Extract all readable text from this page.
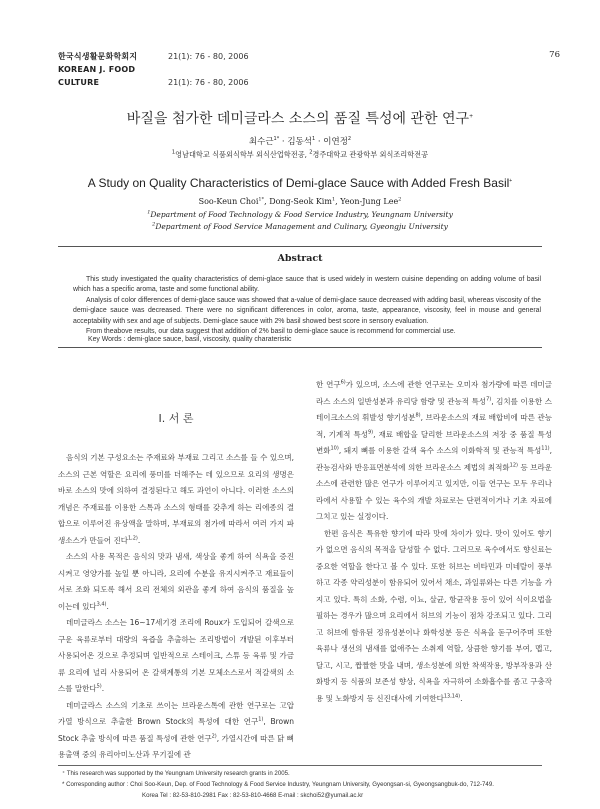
한국식생활문화학회지	21(1): 76 - 80, 2006
KOREAN J. FOOD CULTURE	21(1): 76 - 80, 2006
76
바질을 첨가한 데미글라스 소스의 품질 특성에 관한 연구+
최수근$^{1*}$ · 김동석$^1$ · 이연정$^2$
$^1$영남대학교 식품외식학부 외식산업학전공, $^2$경주대학교 관광학부 외식조리학전공
A Study on Quality Characteristics of Demi-glace Sauce with Added Fresh Basil+
Soo-Keun Choi$^{1*}$, Dong-Seok Kim$^1$, Yeon-Jung Lee$^2$
$^1$Department of Food Technology & Food Service Industry, Yeungnam University
$^2$Department of Food Service Management and Culinary, Gyeongju University
Abstract

This study investigated the quality characteristics of demi-glace sauce that is used widely in western cuisine depending on adding volume of basil which has a specific aroma, taste and some functional ability.

Analysis of color differences of demi-glace sauce was showed that a-value of demi-glace sauce decreased with adding basil, whereas viscosity of the demi-glace sauce was decreased. There were no significant differences in color, aroma, taste, appearance, viscosity, feel in mouse and general acceptability with sex and age of subjects. Demi-glace sauce with 2% basil showed best score in sensory evaluation.

From theabove results, our data suggest that addition of 2% basil to demi-glace sauce is recommend for commercial use.

Key Words : demi-glace sauce, basil, viscosity, quality charateristic
I. 서 론

음식의 기본 구성요소는 주재료와 부재료 그리고 소스를 들 수 있으며, 소스의 근본 역할은 요리에 풍미를 더해주는 데 있으므로 요리의 생명은 바로 소스의 맛에 의하여 결정된다고 해도 과언이 아니다. 이러한 소스의 개념은 주재료를 이용한 스톡과 소스의 형태를 갖추게 하는 리에종의 결합으로 이루어진 유상액을 말하며, 부재료의 첨가에 따라서 여러 가지 파생소스가 만들어 진다$^{1,2)}$.

소스의 사용 목적은 음식의 맛과 냄새, 색상을 좋게 하여 식욕을 증진시켜고 영양가를 높일 뿐 아니라, 요리에 수분을 유지시켜주고 재료들이 서로 조화 되도록 해서 요리 전체의 외관을 좋게 하여 음식의 품질을 높이는데 있다$^{3,4)}$.

데미글라스 소스는 16~17세기경 조리에 Roux가 도입되어 갈색으로 구운 육류로부터 대량의 육즙을 추출하는 조리방법이 개발된 이후부터 사용되어온 것으로 추정되며 일반적으로 스테이크, 스튜 등 육류 및 가금류 요리에 널리 사용되어 온 갈색계통의 기본 모체소스로서 적갈색의 소스를 말한다$^{5)}$.

데미글라스 소스의 기초로 쓰이는 브라운스톡에 관한 연구로는 고압 가열 방식으로 추출한 Brown Stock의 특성에 대한 연구$^{1)}$, Brown Stock 추출 방식에 따른 품질 특성에 관한 연구$^{2)}$, 가열시간에 따른 닭 뼈 용출액 중의 유리아미노산과 무기질에 관

한 연구$^{6)}$가 있으며, 소스에 관한 연구로는 오미자 첨가량에 따른 데미글라스 소스의 일반성분과 유리당 함량 및 관능적 특성$^{7)}$, 김치를 이용한 스테이크소스의 휘발성 향기성분$^{8)}$, 브라운소스의 재료 배합비에 따른 관능적, 기계적 특성$^{9)}$, 재료 배합을 달리한 브라운소스의 저장 중 품질 특성 변화$^{10)}$, 돼지 뼈를 이용한 갈색 육수 소스의 이화학적 및 관능적 특성$^{11)}$, 관능검사와 반응표면분석에 의한 브라운소스 제법의 최적화$^{12)}$ 등 브라운소스에 관련한 많은 연구가 이루어지고 있지만, 이들 연구는 모두 우리나라에서 사용할 수 있는 육수의 개발 차료로는 단편적이거나 기초 자료에 그치고 있는 실정이다.

한편 음식은 특유한 향기에 따라 맛에 차이가 있다. 맛이 있어도 향기가 없으면 음식의 목적을 달성할 수 없다. 그러므로 육수에서도 향신료는 중요한 역할을 한다고 볼 수 있다. 또한 허브는 비타민과 미네랄이 풍부하고 각종 약리성분이 함유되어 있어서 채소, 과일류와는 다른 기능을 가지고 있다. 특히 소화, 수렴, 이뇨, 살균, 항균작용 등이 있어 식이요법을 필하는 경우가 많으며 요리에서 허브의 기능이 점차 강조되고 있다. 그리고 허브에 함유된 정유성분이나 화학성분 등은 식욕을 돋구어주며 또한 육류나 생선의 냄새를 없애주는 소취제 역할, 상큼한 향기를 부여, 맵고, 달고, 시고, 짭짤한 맛을 내며, 생소성분에 의한 착색작용, 방부작용과 산화방지 등 식품의 보존성 향상, 식욕을 자극하여 소화흡수를 좀고 구충작용 및 노화방지 등 신진대사에 기여한다$^{13,14)}$.

⁺ This research was supported by the Yeungnam University research grants in 2005.
* Corresponding author : Choi Soo-Keun, Dep. of Food Technology & Food Service Industry, Yeungnam University, Gyeongsan-si, Gyeongsangbuk-do, 712-749.
Korea Tel : 82-53-810-2981 Fax : 82-53-810-4668 E-mail : skchoi52@yumail.ac.kr
